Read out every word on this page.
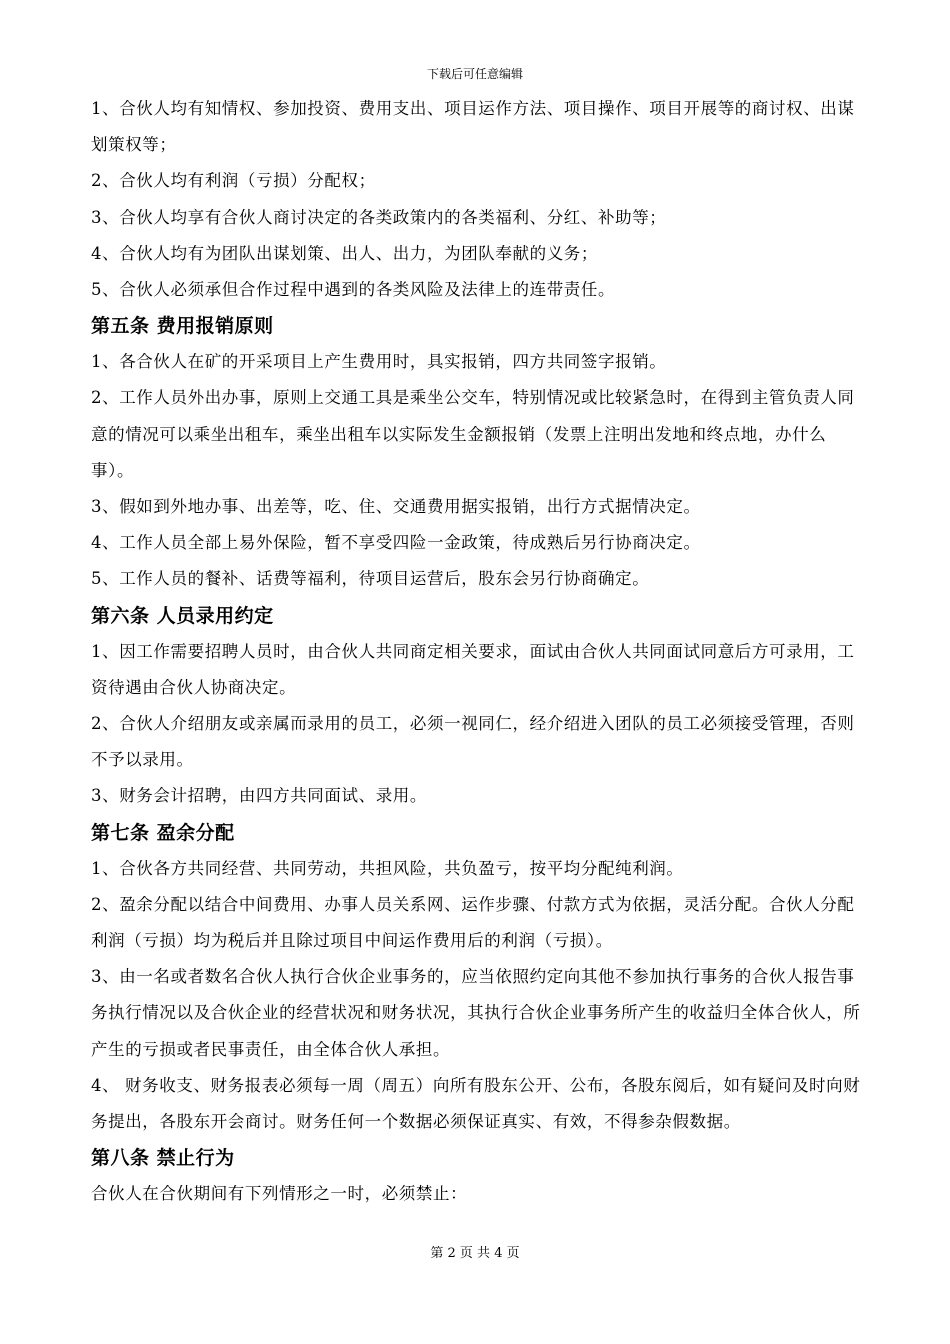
下载后可任意编辑

1、合伙人均有知情权、参加投资、费用支出、项目运作方法、项目操作、项目开展等的商讨权、出谋划策权等；

2、合伙人均有利润（亏损）分配权；

3、合伙人均享有合伙人商讨决定的各类政策内的各类福利、分红、补助等；

4、合伙人均有为团队出谋划策、出人、出力，为团队奉献的义务；

5、合伙人必须承但合作过程中遇到的各类风险及法律上的连带责任。

第五条 费用报销原则

1、各合伙人在矿的开采项目上产生费用时，具实报销，四方共同签字报销。

2、工作人员外出办事，原则上交通工具是乘坐公交车，特别情况或比较紧急时，在得到主管负责人同意的情况可以乘坐出租车，乘坐出租车以实际发生金额报销（发票上注明出发地和终点地，办什么事）。

3、假如到外地办事、出差等，吃、住、交通费用据实报销，出行方式据情决定。

4、工作人员全部上易外保险，暂不享受四险一金政策，待成熟后另行协商决定。

5、工作人员的餐补、话费等福利，待项目运营后，股东会另行协商确定。

第六条 人员录用约定

1、因工作需要招聘人员时，由合伙人共同商定相关要求，面试由合伙人共同面试同意后方可录用，工资待遇由合伙人协商决定。

2、合伙人介绍朋友或亲属而录用的员工，必须一视同仁，经介绍进入团队的员工必须接受管理，否则不予以录用。

3、财务会计招聘，由四方共同面试、录用。

第七条 盈余分配

1、合伙各方共同经营、共同劳动，共担风险，共负盈亏，按平均分配纯利润。

2、盈余分配以结合中间费用、办事人员关系网、运作步骤、付款方式为依据，灵活分配。合伙人分配利润（亏损）均为税后并且除过项目中间运作费用后的利润（亏损）。

3、由一名或者数名合伙人执行合伙企业事务的，应当依照约定向其他不参加执行事务的合伙人报告事务执行情况以及合伙企业的经营状况和财务状况，其执行合伙企业事务所产生的收益归全体合伙人，所产生的亏损或者民事责任，由全体合伙人承担。

4、 财务收支、财务报表必须每一周（周五）向所有股东公开、公布，各股东阅后，如有疑问及时向财务提出，各股东开会商讨。财务任何一个数据必须保证真实、有效，不得参杂假数据。

第八条 禁止行为

合伙人在合伙期间有下列情形之一时，必须禁止：

第 2 页 共 4 页
